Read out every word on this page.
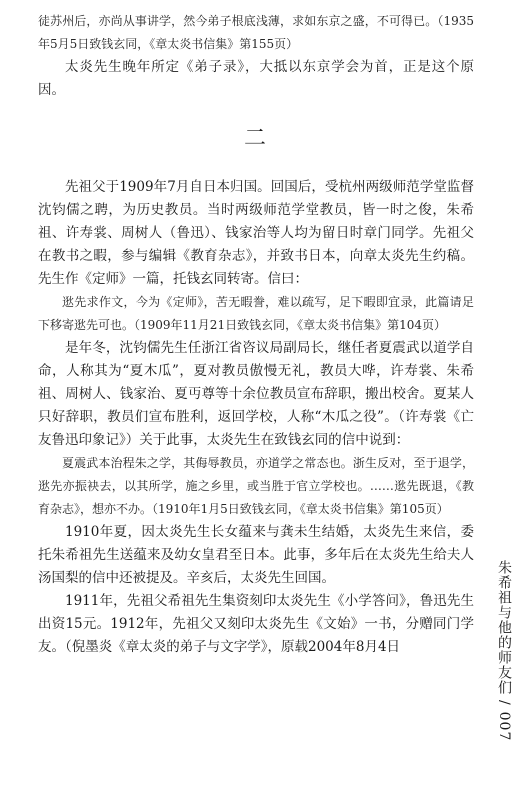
徒苏州后，亦尚从事讲学，然今弟子根底浅薄，求如东京之盛，不可得已。（1935年5月5日致钱玄同，《章太炎书信集》第155页）

太炎先生晚年所定《弟子录》，大抵以东京学会为首，正是这个原因。

二

先祖父于1909年7月自日本归国。回国后，受杭州两级师范学堂监督沈钧儒之聘，为历史教员。当时两级师范学堂教员，皆一时之俊，朱希祖、许寿裳、周树人（鲁迅）、钱家治等人均为留日时章门同学。先祖父在教书之暇，参与编辑《教育杂志》，并致书日本，向章太炎先生约稿。先生作《定师》一篇，托钱玄同转寄。信曰：

逖先求作文，今为《定师》，苦无暇誊，难以疏写，足下暇即宜录，此篇请足下移寄逖先可也。（1909年11月21日致钱玄同，《章太炎书信集》第104页）

是年冬，沈钧儒先生任浙江省咨议局副局长，继任者夏震武以道学自命，人称其为“夏木瓜”，夏对教员傲慢无礼，教员大哗，许寿裳、朱希祖、周树人、钱家治、夏丏尊等十余位教员宣布辞职，搬出校舍。夏某人只好辞职，教员们宣布胜利，返回学校，人称“木瓜之役”。（许寿裳《亡友鲁迅印象记》）关于此事，太炎先生在致钱玄同的信中说到：

夏震武本治程朱之学，其侮辱教员，亦道学之常态也。浙生反对，至于退学，逖先亦振袂去，以其所学，施之乡里，或当胜于官立学校也。……逖先既退，《教育杂志》，想亦不办。（1910年1月5日致钱玄同，《章太炎书信集》第105页）

1910年夏，因太炎先生长女蕴来与龚未生结婚，太炎先生来信，委托朱希祖先生送蕴来及幼女皇君至日本。此事，多年后在太炎先生给夫人汤国梨的信中还被提及。辛亥后，太炎先生回国。

1911年，先祖父希祖先生集资刻印太炎先生《小学答问》，鲁迅先生出资15元。1912年，先祖父又刻印太炎先生《文始》一书，分赠同门学友。（倪墨炎《章太炎的弟子与文字学》，原载2004年8月4日	朱希祖与他的师友们 / 007
